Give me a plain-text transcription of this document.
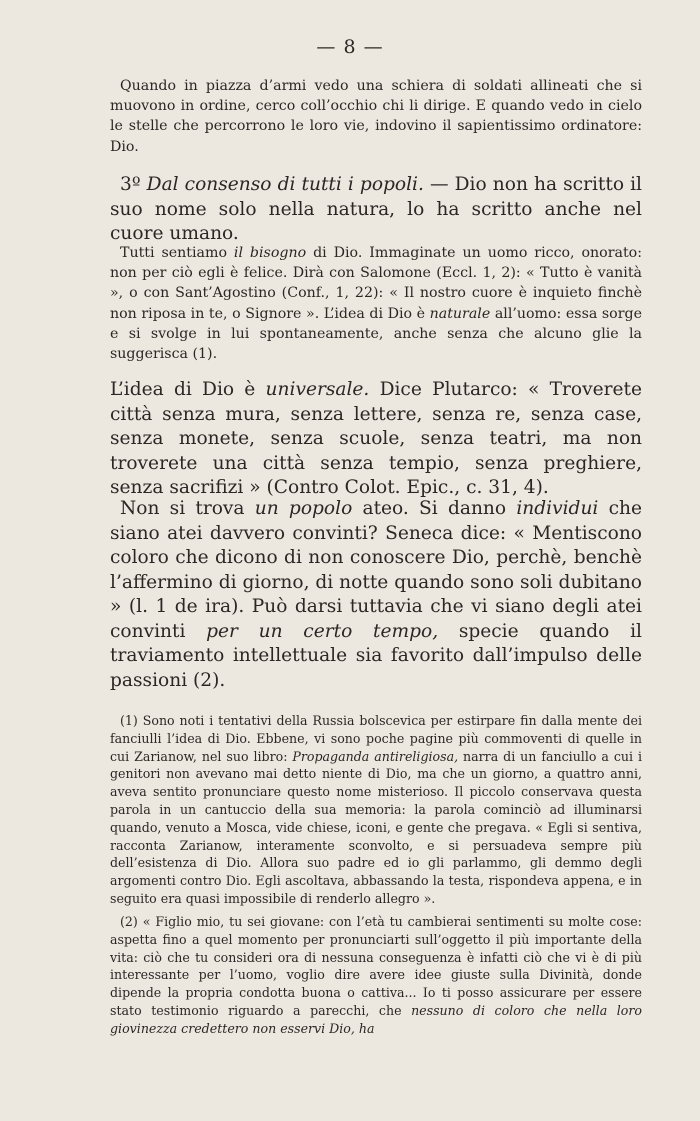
— 8 —

Quando in piazza d’armi vedo una schiera di soldati allineati che si muovono in ordine, cerco coll’occhio chi li dirige. E quando vedo in cielo le stelle che percorrono le loro vie, indovino il sapientissimo ordinatore: Dio.

3º Dal consenso di tutti i popoli. — Dio non ha scritto il suo nome solo nella natura, lo ha scritto anche nel cuore umano.

Tutti sentiamo il bisogno di Dio. Immaginate un uomo ricco, onorato: non per ciò egli è felice. Dirà con Salomone (Eccl. 1, 2): « Tutto è vanità », o con Sant’Agostino (Conf., 1, 22): « Il nostro cuore è inquieto finchè non riposa in te, o Signore ». L’idea di Dio è naturale all’uomo: essa sorge e si svolge in lui spontaneamente, anche senza che alcuno glie la suggerisca (1).

L’idea di Dio è universale. Dice Plutarco: « Troverete città senza mura, senza lettere, senza re, senza case, senza monete, senza scuole, senza teatri, ma non troverete una città senza tempio, senza preghiere, senza sacrifizi » (Contro Colot. Epic., c. 31, 4).

Non si trova un popolo ateo. Si danno individui che siano atei davvero convinti? Seneca dice: « Mentiscono coloro che dicono di non conoscere Dio, perchè, benchè l’affermino di giorno, di notte quando sono soli dubitano » (l. 1 de ira). Può darsi tuttavia che vi siano degli atei convinti per un certo tempo, specie quando il traviamento intellettuale sia favorito dall’impulso delle passioni (2).

(1) Sono noti i tentativi della Russia bolscevica per estirpare fin dalla mente dei fanciulli l’idea di Dio. Ebbene, vi sono poche pagine più commoventi di quelle in cui Zarianow, nel suo libro: Propaganda antireligiosa, narra di un fanciullo a cui i genitori non avevano mai detto niente di Dio, ma che un giorno, a quattro anni, aveva sentito pronunciare questo nome misterioso. Il piccolo conservava questa parola in un cantuccio della sua memoria: la parola cominciò ad illuminarsi quando, venuto a Mosca, vide chiese, iconi, e gente che pregava. « Egli si sentiva, racconta Zarianow, interamente sconvolto, e si persuadeva sempre più dell’esistenza di Dio. Allora suo padre ed io gli parlammo, gli demmo degli argomenti contro Dio. Egli ascoltava, abbassando la testa, rispondeva appena, e in seguito era quasi impossibile di renderlo allegro ».

(2) « Figlio mio, tu sei giovane: con l’età tu cambierai sentimenti su molte cose: aspetta fino a quel momento per pronunciarti sull’oggetto il più importante della vita: ciò che tu consideri ora di nessuna conseguenza è infatti ciò che vi è di più interessante per l’uomo, voglio dire avere idee giuste sulla Divinità, donde dipende la propria condotta buona o cattiva... Io ti posso assicurare per essere stato testimonio riguardo a parecchi, che nessuno di coloro che nella loro giovinezza credettero non esservi Dio, ha
